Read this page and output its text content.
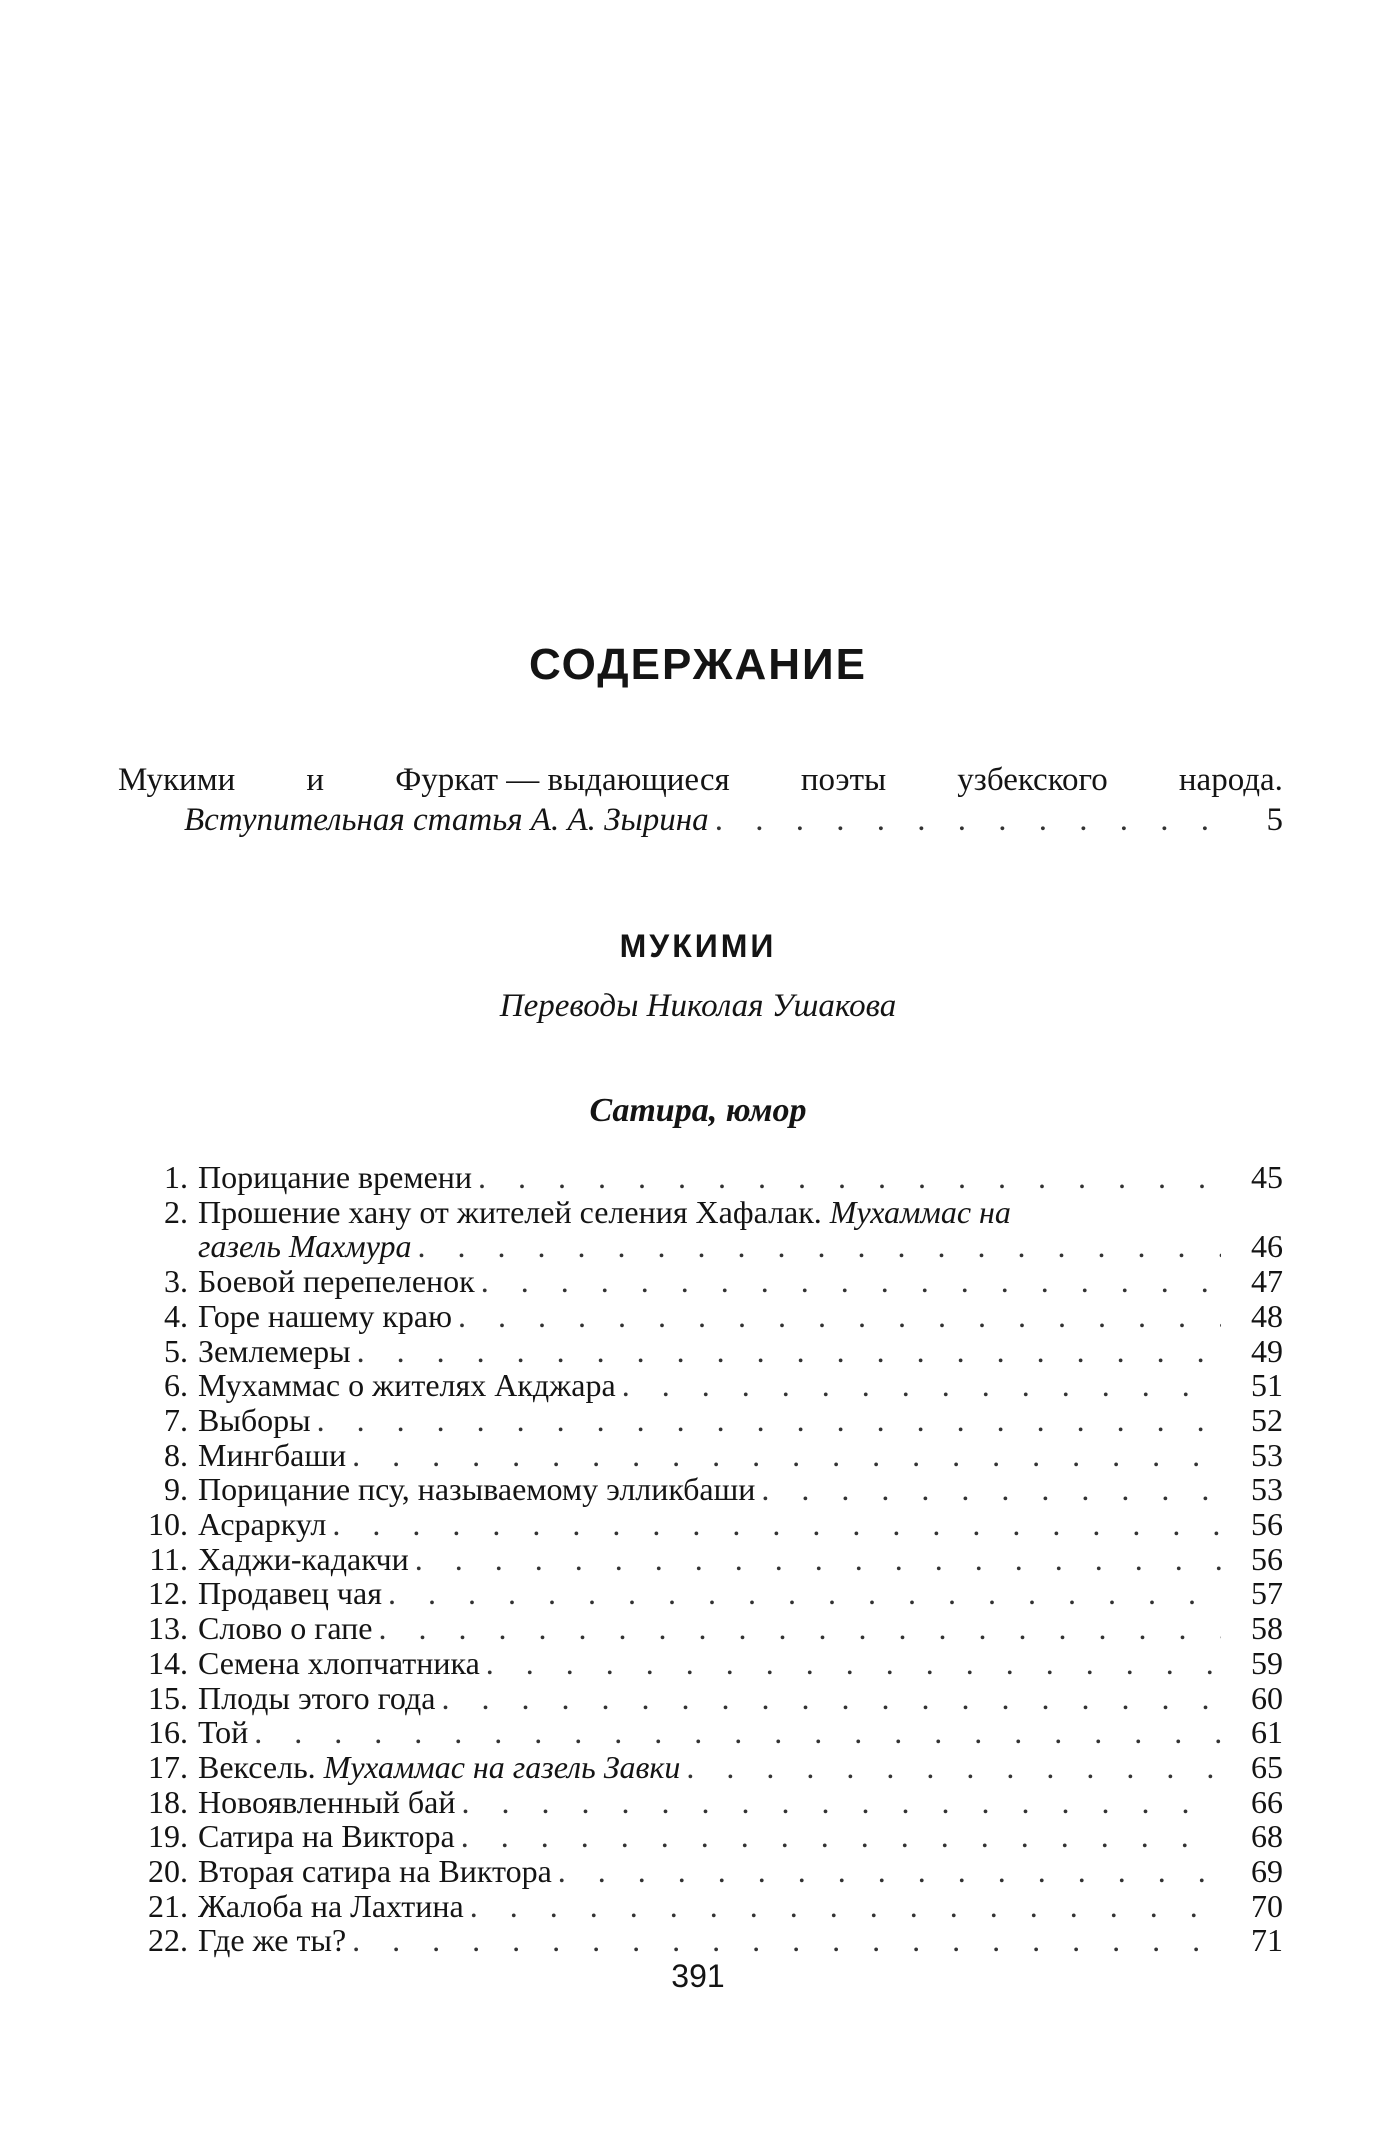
СОДЕРЖАНИЕ
Мукими и Фуркат — выдающиеся поэты узбекского народа.
Вступительная статья А. А. Зырина . . .	5
МУКИМИ
Переводы Николая Ушакова
Сатира, юмор
1. Порицание времени . . .	45
2. Прошение хану от жителей селения Хафалак.
Мухаммас на
газель Махмура . . .	46
3. Боевой перепеленок . . .	47
4. Горе нашему краю . . .	48
5. Землемеры . . .	49
6. Мухаммас о жителях Акджара . . .	51
7. Выборы . . .	52
8. Мингбаши . . .	53
9. Порицание псу, называемому элликбаши . . .	53
10. Асраркул . . .	56
11. Хаджи-кадакчи . . .	56
12. Продавец чая . . .	57
13. Слово о гапе . . .	58
14. Семена хлопчатника . . .	59
15. Плоды этого года . . .	60
16. Той . . .	61
17. Вексель.
Мухаммас на газель Завки . . .	65
18. Новоявленный бай . . .	66
19. Сатира на Виктора . . .	68
20. Вторая сатира на Виктора . . .	69
21. Жалоба на Лахтина . . .	70
22. Где же ты? . . .	71
391
